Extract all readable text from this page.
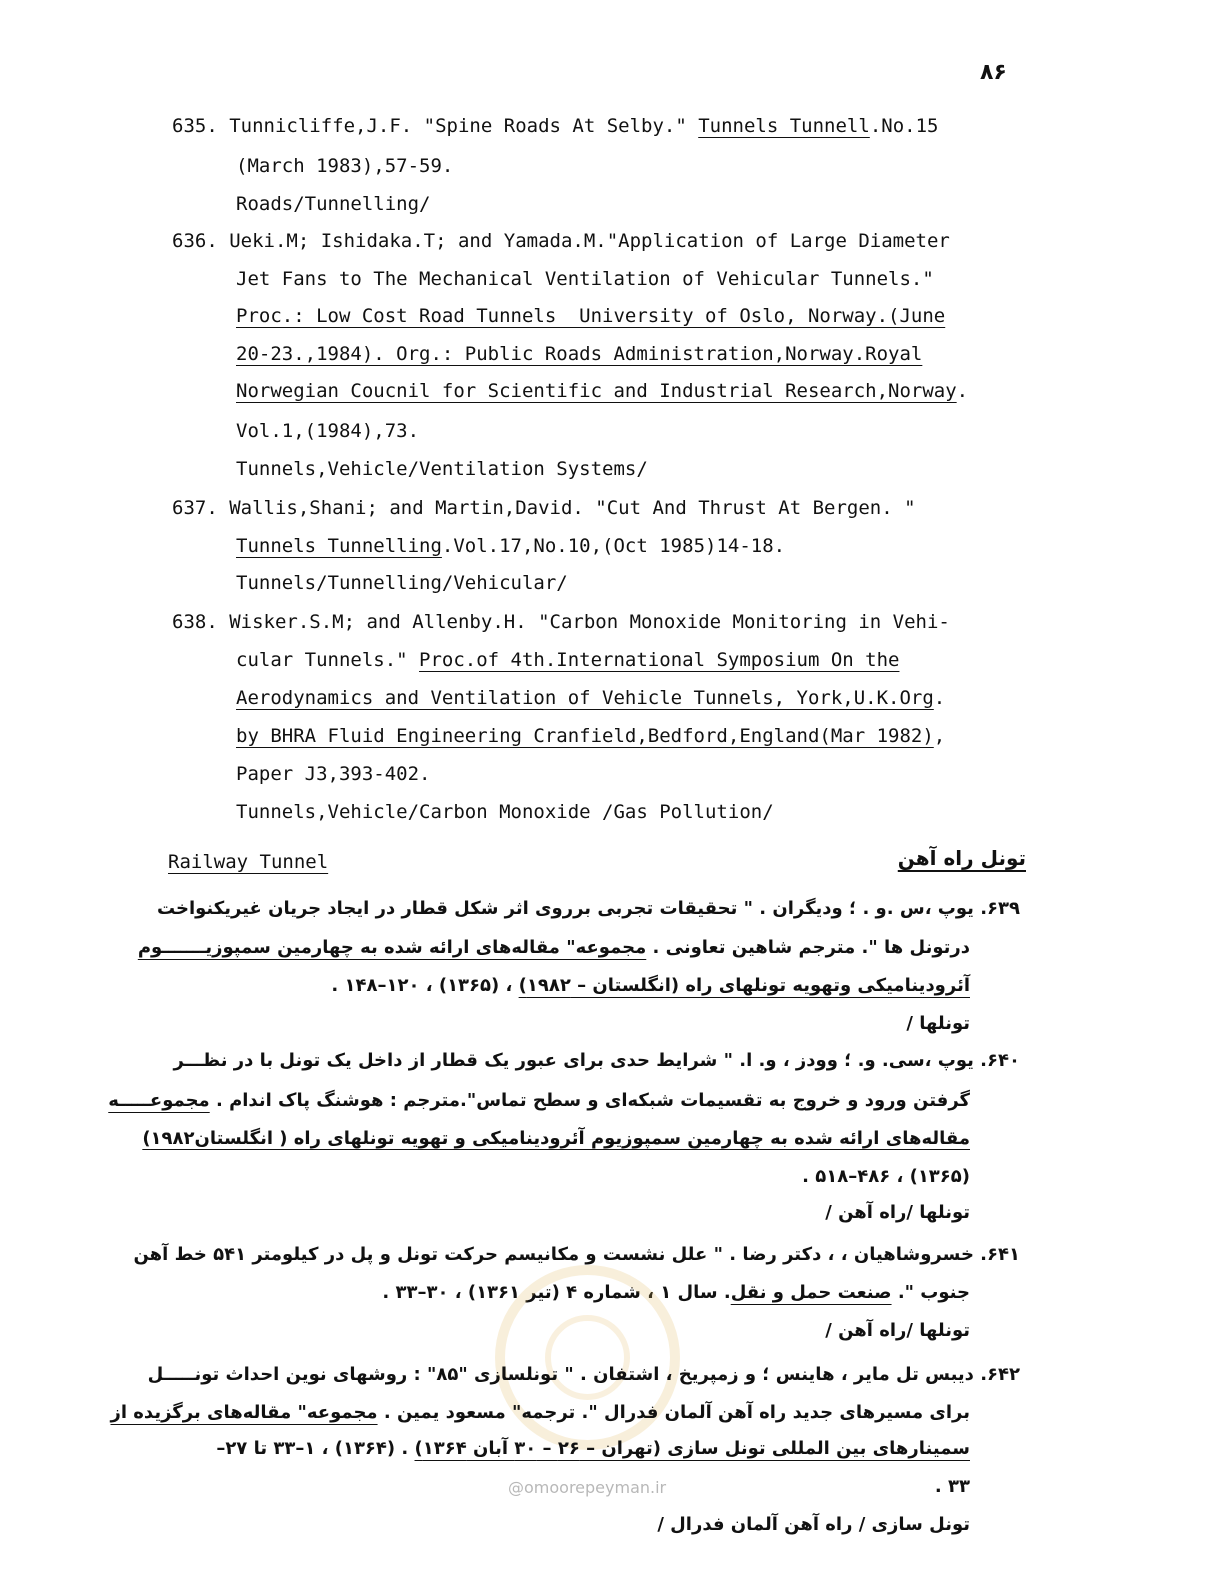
۸۶
635. Tunnicliffe,J.F. "Spine Roads At Selby." Tunnels Tunnell.No.15
(March 1983),57-59.
Roads/Tunnelling/
636. Ueki.M; Ishidaka.T; and Yamada.M."Application of Large Diameter
Jet Fans to The Mechanical Ventilation of Vehicular Tunnels."
Proc.: Low Cost Road Tunnels  University of Oslo, Norway.(June
20-23.,1984). Org.: Public Roads Administration,Norway.Royal
Norwegian Coucnil for Scientific and Industrial Research,Norway.
Vol.1,(1984),73.
Tunnels,Vehicle/Ventilation Systems/
637. Wallis,Shani; and Martin,David. "Cut And Thrust At Bergen. "
Tunnels Tunnelling.Vol.17,No.10,(Oct 1985)14-18.
Tunnels/Tunnelling/Vehicular/
638. Wisker.S.M; and Allenby.H. "Carbon Monoxide Monitoring in Vehi-
cular Tunnels." Proc.of 4th.International Symposium On the
Aerodynamics and Ventilation of Vehicle Tunnels, York,U.K.Org.
by BHRA Fluid Engineering Cranfield,Bedford,England(Mar 1982),
Paper J3,393-402.
Tunnels,Vehicle/Carbon Monoxide /Gas Pollution/
Railway Tunnel	تونل راه آهن
۶۳۹. یوپ ،س .و . ؛ ودیگران . " تحقیقات تجربی برروی اثر شکل قطار در ایجاد جریان غیریکنواخت
درتونل ها ". مترجم شاهین تعاونی . مجموعه" مقاله‌های ارائه شده به چهارمین سمپوزیـــــــوم
آئرودینامیکی وتهویه تونلهای راه (انگلستان – ۱۹۸۲) ، (۱۳۶۵) ، ۱۲۰–۱۴۸ .
تونلها /
۶۴۰. یوپ ،سی. و. ؛ وودز ، و. ا. " شرایط حدی برای عبور یک قطار از داخل یک تونل با در نظـــر
گرفتن ورود و خروج به تقسیمات شبکه‌ای و سطح تماس".مترجم : هوشنگ پاک اندام . مجموعـــــه
مقاله‌های ارائه شده به چهارمین سمپوزیوم آئرودینامیکی و تهویه تونلهای راه ( انگلستان۱۹۸۲)
(۱۳۶۵) ، ۴۸۶–۵۱۸ .
تونلها /راه آهن /
۶۴۱. خسروشاهیان ، ، دکتر رضا . " علل نشست و مکانیسم حرکت تونل و پل در کیلومتر ۵۴۱ خط آهن
جنوب ". صنعت حمل و نقل. سال ۱ ، شماره ۴ (تیر ۱۳۶۱) ، ۳۰–۳۳ .
تونلها /راه آهن /
۶۴۲. دیبس تل مایر ، هاینس ؛ و زمپریخ ، اشتفان . " تونلسازی "۸۵" : روشهای نوین احداث تونـــــل
برای مسیرهای جدید راه آهن آلمان فدرال ". ترجمه" مسعود یمین . مجموعه" مقاله‌های برگزیده از
سمینارهای بین المللی تونل سازی (تهران – ۲۶ – ۳۰ آبان ۱۳۶۴) . (۱۳۶۴) ، ۱–۳۳ تا ۲۷–
۳۳ .
@omoorepeyman.ir
تونل سازی / راه آهن آلمان فدرال /
